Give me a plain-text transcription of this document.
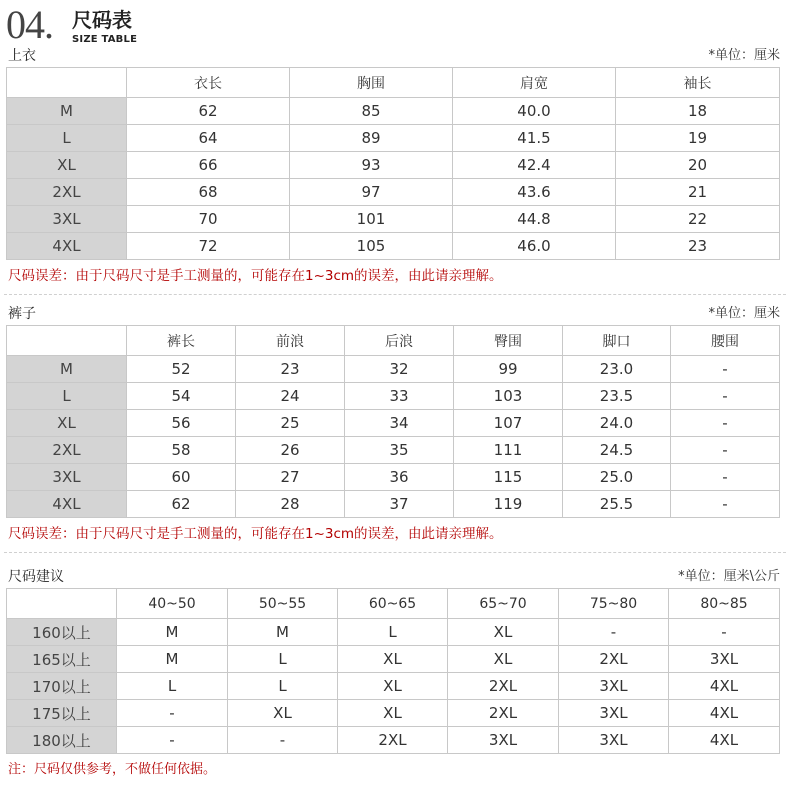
04. 尺码表
SIZE TABLE
上衣	*单位：厘米
	衣长	胸围	肩宽	袖长
M	62	85	40.0	18
L	64	89	41.5	19
XL	66	93	42.4	20
2XL	68	97	43.6	21
3XL	70	101	44.8	22
4XL	72	105	46.0	23
尺码误差：由于尺码尺寸是手工测量的，可能存在1~3cm的误差，由此请亲理解。
裤子	*单位：厘米
	裤长	前浪	后浪	臀围	脚口	腰围
M	52	23	32	99	23.0	-
L	54	24	33	103	23.5	-
XL	56	25	34	107	24.0	-
2XL	58	26	35	111	24.5	-
3XL	60	27	36	115	25.0	-
4XL	62	28	37	119	25.5	-
尺码误差：由于尺码尺寸是手工测量的，可能存在1~3cm的误差，由此请亲理解。
尺码建议	*单位：厘米\公斤
	40~50	50~55	60~65	65~70	75~80	80~85
160以上	M	M	L	XL	-	-
165以上	M	L	XL	XL	2XL	3XL
170以上	L	L	XL	2XL	3XL	4XL
175以上	-	XL	XL	2XL	3XL	4XL
180以上	-	-	2XL	3XL	3XL	4XL
注：尺码仅供参考，不做任何依据。
